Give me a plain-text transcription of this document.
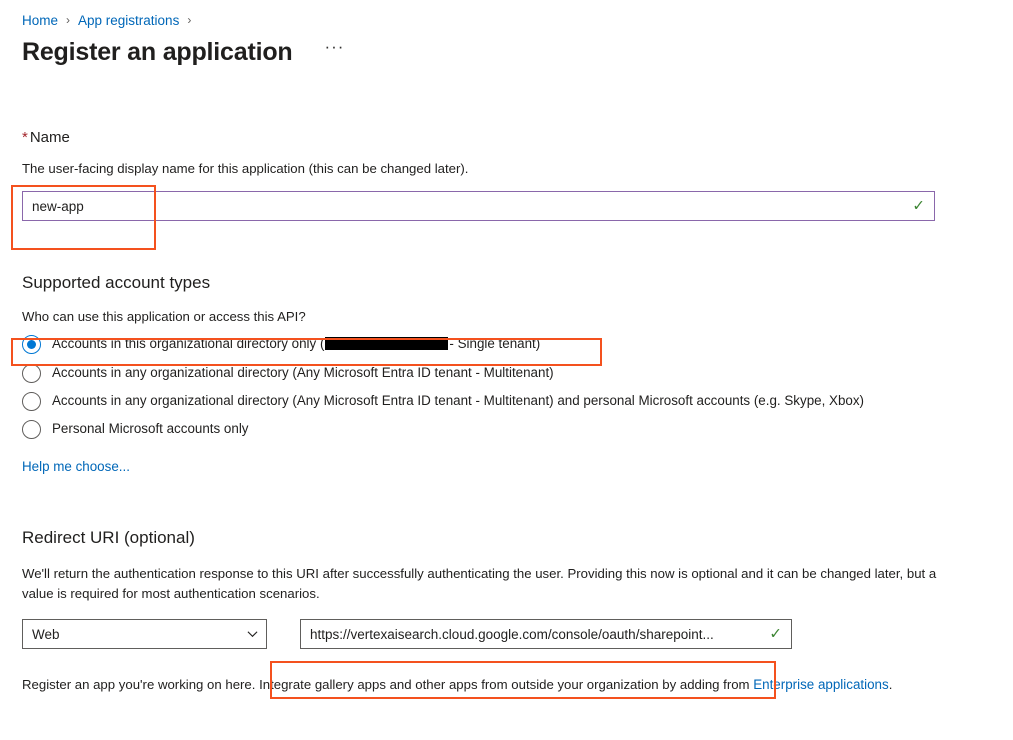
Home › App registrations ›
Register an application	···
* Name
The user-facing display name for this application (this can be changed later).
new-app
✓
Supported account types
Who can use this application or access this API?
Accounts in this organizational directory only (	- Single tenant)
Accounts in any organizational directory (Any Microsoft Entra ID tenant - Multitenant)
Accounts in any organizational directory (Any Microsoft Entra ID tenant - Multitenant) and personal Microsoft accounts (e.g. Skype, Xbox)
Personal Microsoft accounts only
Help me choose...
Redirect URI (optional)
We'll return the authentication response to this URI after successfully authenticating the user. Providing this now is optional and it can be changed later, but a value is required for most authentication scenarios.
Web
https://vertexaisearch.cloud.google.com/console/oauth/sharepoint...	✓
Register an app you're working on here. Integrate gallery apps and other apps from outside your organization by adding from Enterprise applications.
